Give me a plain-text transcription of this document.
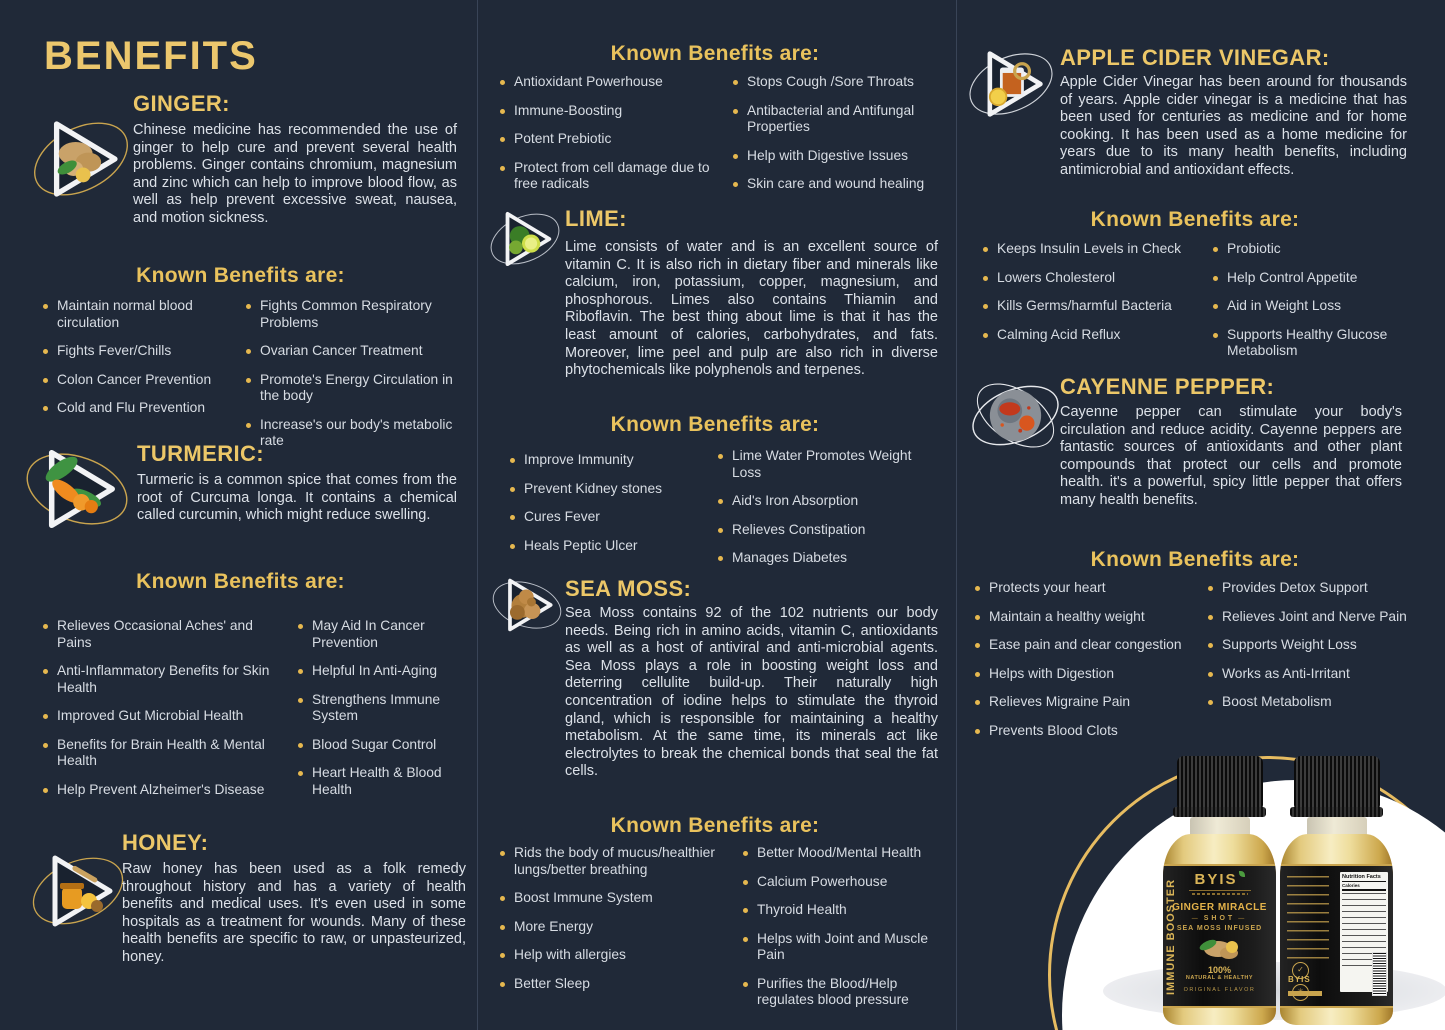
BENEFITS
GINGER:
Chinese medicine has recommended the use of ginger to help cure and prevent several health problems. Ginger contains chromium, magnesium and zinc which can help to improve blood flow, as well as help prevent excessive sweat, nausea, and motion sickness.
Known Benefits are:
Maintain normal blood circulation
Fights Fever/Chills
Colon Cancer Prevention
Cold and Flu Prevention
Fights Common Respiratory Problems
Ovarian Cancer Treatment
Promote's Energy Circulation in the body
Increase's our body's metabolic rate
TURMERIC:
Turmeric is a common spice that comes from the root of Curcuma longa. It contains a chemical called curcumin, which might reduce swelling.
Known Benefits are:
Relieves Occasional Aches' and Pains
Anti-Inflammatory Benefits for Skin Health
Improved Gut Microbial Health
Benefits for Brain Health & Mental Health
Help Prevent Alzheimer's Disease
May Aid In Cancer Prevention
Helpful In Anti-Aging
Strengthens Immune System
Blood Sugar Control
Heart Health & Blood Health
HONEY:
Raw honey has been used as a folk remedy throughout history and has a variety of health benefits and medical uses. It's even used in some hospitals as a treatment for wounds. Many of these health benefits are specific to raw, or unpasteurized, honey.
Known Benefits are:
Antioxidant Powerhouse
Immune-Boosting
Potent Prebiotic
Protect from cell damage due to free radicals
Stops Cough /Sore Throats
Antibacterial and Antifungal Properties
Help with Digestive Issues
Skin care and wound healing
LIME:
Lime consists of water and is an excellent source of vitamin C. It is also rich in dietary fiber and minerals like calcium, iron, potassium, copper, magnesium, and phosphorous. Limes also contains Thiamin and Riboflavin. The best thing about lime is that it has the least amount of calories, carbohydrates, and fats. Moreover, lime peel and pulp are also rich in diverse phytochemicals like polyphenols and terpenes.
Known Benefits are:
Improve Immunity
Prevent Kidney stones
Cures Fever
Heals Peptic Ulcer
Lime Water Promotes Weight Loss
Aid's Iron Absorption
Relieves Constipation
Manages Diabetes
SEA MOSS:
Sea Moss contains 92 of the 102 nutrients our body needs. Being rich in amino acids, vitamin C, antioxidants as well as a host of antiviral and anti-microbial agents. Sea Moss plays a role in boosting weight loss and deterring cellulite build-up. Their naturally high concentration of iodine helps to stimulate the thyroid gland, which is responsible for maintaining a healthy metabolism. At the same time, its minerals act like electrolytes to break the chemical bonds that seal the fat cells.
Known Benefits are:
Rids the body of mucus/healthier lungs/better breathing
Boost Immune System
More Energy
Help with allergies
Better Sleep
Better Mood/Mental Health
Calcium Powerhouse
Thyroid Health
Helps with Joint and Muscle Pain
Purifies the Blood/Help regulates blood pressure
APPLE CIDER VINEGAR:
Apple Cider Vinegar has been around for thousands of years. Apple cider vinegar is a medicine that has been used for centuries as medicine and for home cooking. It has been used as a home medicine for years due to its many health benefits, including antimicrobial and antioxidant effects.
Known Benefits are:
Keeps Insulin Levels in Check
Lowers Cholesterol
Kills Germs/harmful Bacteria
Calming Acid Reflux
Probiotic
Help Control Appetite
Aid in Weight Loss
Supports Healthy Glucose Metabolism
CAYENNE PEPPER:
Cayenne pepper can stimulate your body's circulation and reduce acidity. Cayenne peppers are fantastic sources of antioxidants and other plant compounds that protect our cells and promote health. it's a powerful, spicy little pepper that offers many health benefits.
Known Benefits are:
Protects your heart
Maintain a healthy weight
Ease pain and clear congestion
Helps with Digestion
Relieves Migraine Pain
Prevents Blood Clots
Provides Detox Support
Relieves Joint and Nerve Pain
Supports Weight Loss
Works as Anti-Irritant
Boost Metabolism
IMMUNE BOOSTER	BYIS
GINGER MIRACLE
— SHOT —
SEA MOSS INFUSED
100%
NATURAL & HEALTHY
ORIGINAL FLAVOR
Nutrition Facts
Calories
✓
BYIS
